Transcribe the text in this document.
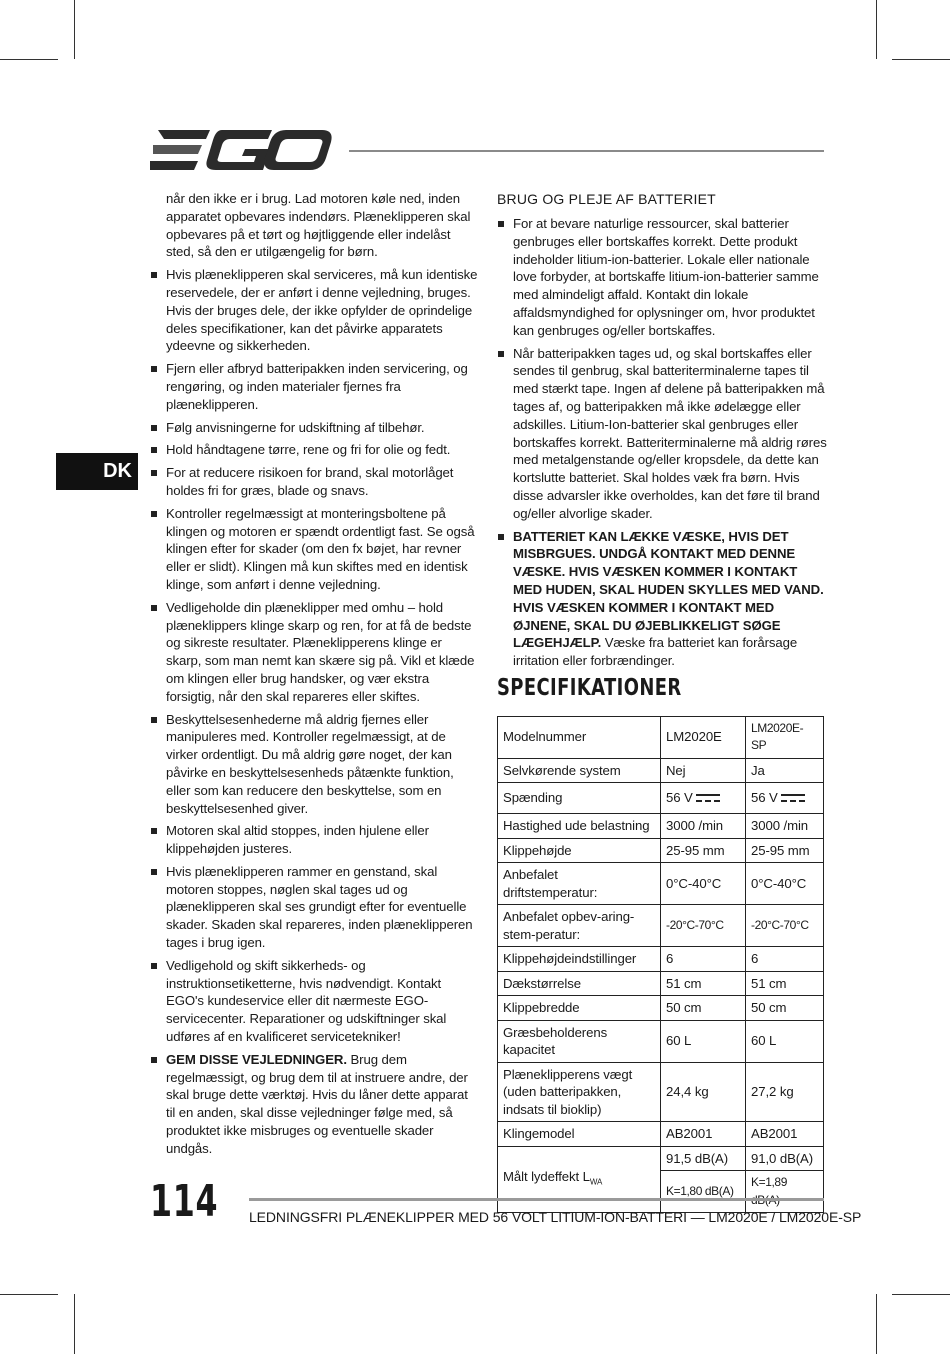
DK

når den ikke er i brug. Lad motoren køle ned, inden apparatet opbevares indendørs. Plæneklipperen skal opbevares på et tørt og højtliggende eller indelåst sted, så den er utilgængelig for børn.

Hvis plæneklipperen skal serviceres, må kun identiske reservedele, der er anført i denne vejledning, bruges. Hvis der bruges dele, der ikke opfylder de oprindelige deles specifikationer, kan det påvirke apparatets ydeevne og sikkerheden.
Fjern eller afbryd batteripakken inden servicering, og rengøring, og inden materialer fjernes fra plæneklipperen.
Følg anvisningerne for udskiftning af tilbehør.
Hold håndtagene tørre, rene og fri for olie og fedt.
For at reducere risikoen for brand, skal motorlåget holdes fri for græs, blade og snavs.
Kontroller regelmæssigt at monteringsboltene på klingen og motoren er spændt ordentligt fast. Se også klingen efter for skader (om den fx bøjet, har revner eller er slidt). Klingen må kun skiftes med en identisk klinge, som anført i denne vejledning.
Vedligeholde din plæneklipper med omhu – hold plæneklippers klinge skarp og ren, for at få de bedste og sikreste resultater. Plæneklipperens klinge er skarp, som man nemt kan skære sig på. Vikl et klæde om klingen eller brug handsker, og vær ekstra forsigtig, når den skal repareres eller skiftes.
Beskyttelsesenhederne må aldrig fjernes eller manipuleres med. Kontroller regelmæssigt, at de virker ordentligt. Du må aldrig gøre noget, der kan påvirke en beskyttelsesenheds påtænkte funktion, eller som kan reducere den beskyttelse, som en beskyttelsesenhed giver.
Motoren skal altid stoppes, inden hjulene eller klippehøjden justeres.
Hvis plæneklipperen rammer en genstand, skal motoren stoppes, nøglen skal tages ud og plæneklipperen skal ses grundigt efter for eventuelle skader. Skaden skal repareres, inden plæneklipperen tages i brug igen.
Vedligehold og skift sikkerheds- og instruktionsetiketterne, hvis nødvendigt. Kontakt EGO's kundeservice eller dit nærmeste EGO-servicecenter. Reparationer og udskiftninger skal udføres af en kvalificeret servicetekniker!
GEM DISSE VEJLEDNINGER. Brug dem regelmæssigt, og brug dem til at instruere andre, der skal bruge dette værktøj. Hvis du låner dette apparat til en anden, skal disse vejledninger følge med, så produktet ikke misbruges og eventuelle skader undgås.
BRUG OG PLEJE AF BATTERIET
For at bevare naturlige ressourcer, skal batterier genbruges eller bortskaffes korrekt. Dette produkt indeholder litium-ion-batterier. Lokale eller nationale love forbyder, at bortskaffe litium-ion-batterier samme med almindeligt affald. Kontakt din lokale affaldsmyndighed for oplysninger om, hvor produktet kan genbruges og/eller bortskaffes.
Når batteripakken tages ud, og skal bortskaffes eller sendes til genbrug, skal batteriterminalerne tapes til med stærkt tape. Ingen af delene på batteripakken må tages af, og batteripakken må ikke ødelægge eller adskilles. Litium-Ion-batterier skal genbruges eller bortskaffes korrekt. Batteriterminalerne må aldrig røres med metalgenstande og/eller kropsdele, da dette kan kortslutte batteriet. Skal holdes væk fra børn. Hvis disse advarsler ikke overholdes, kan det føre til brand og/eller alvorlige skader.
BATTERIET KAN LÆKKE VÆSKE, HVIS DET MISBRGUES. UNDGÅ KONTAKT MED DENNE VÆSKE. HVIS VÆSKEN KOMMER I KONTAKT MED HUDEN, SKAL HUDEN SKYLLES MED VAND. HVIS VÆSKEN KOMMER I KONTAKT MED ØJNENE, SKAL DU ØJEBLIKKELIGT SØGE LÆGEHJÆLP. Væske fra batteriet kan forårsage irritation eller forbrændinger.
SPECIFIKATIONER
Modelnummer	LM2020E	LM2020E-SP
Selvkørende system	Nej	Ja
Spænding	56 V	56 V
Hastighed ude belastning	3000 /min	3000 /min
Klippehøjde	25-95 mm	25-95 mm
Anbefalet driftstemperatur:	0°C-40°C	0°C-40°C
Anbefalet opbev-aring-stem-peratur:	-20°C-70°C	-20°C-70°C
Klippehøjdeindstillinger	6	6
Dækstørrelse	51 cm	51 cm
Klippebredde	50 cm	50 cm
Græsbeholderens kapacitet	60 L	60 L
Plæneklipperens vægt (uden batteripakken, indsats til bioklip)	24,4 kg	27,2 kg
Klingemodel	AB2001	AB2001
Målt lydeffekt $L_{WA}$	91,5 dB(A)	91,0 dB(A)
	K=1,80 dB(A)	K=1,89
114 LEDNINGSFRI PLÆNEKLIPPER MED 56 VOLT LITIUM-ION-BATTERI — LM2020E / LM2020E-SP
